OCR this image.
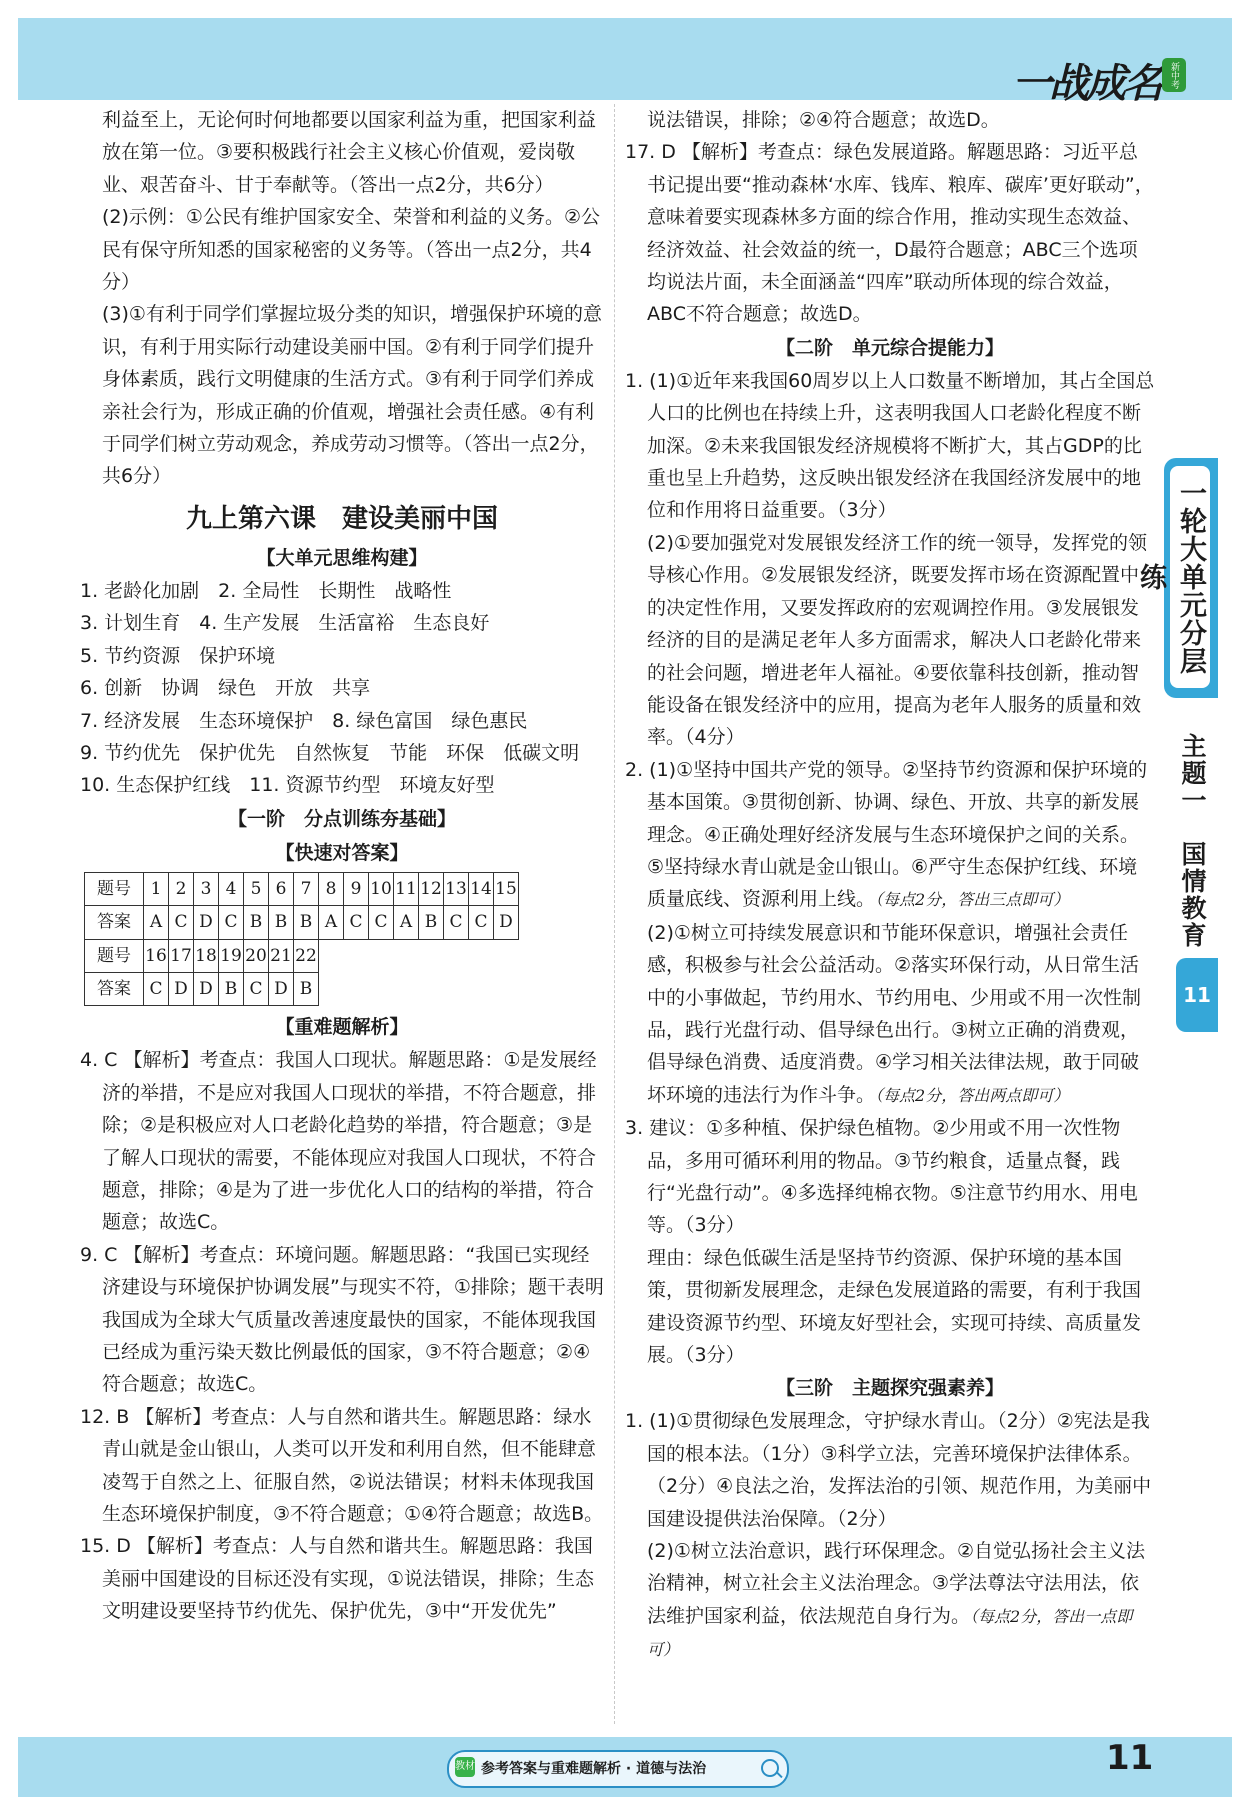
一战成名	新中考

利益至上，无论何时何地都要以国家利益为重，把国家利益放在第一位。③要积极践行社会主义核心价值观，爱岗敬业、艰苦奋斗、甘于奉献等。（答出一点2分，共6分）

(2)示例：①公民有维护国家安全、荣誉和利益的义务。②公民有保守所知悉的国家秘密的义务等。（答出一点2分，共4分）

(3)①有利于同学们掌握垃圾分类的知识，增强保护环境的意识，有利于用实际行动建设美丽中国。②有利于同学们提升身体素质，践行文明健康的生活方式。③有利于同学们养成亲社会行为，形成正确的价值观，增强社会责任感。④有利于同学们树立劳动观念，养成劳动习惯等。（答出一点2分，共6分）

九上第六课　建设美丽中国
【大单元思维构建】

1. 老龄化加剧　2. 全局性　长期性　战略性

3. 计划生育　4. 生产发展　生活富裕　生态良好

5. 节约资源　保护环境

6. 创新　协调　绿色　开放　共享

7. 经济发展　生态环境保护　8. 绿色富国　绿色惠民

9. 节约优先　保护优先　自然恢复　节能　环保　低碳文明

10. 生态保护红线　11. 资源节约型　环境友好型

【一阶　分点训练夯基础】
【快速对答案】
题号	1	2	3	4	5	6	7	8	9	10	11	12	13	14	15
答案	A	C	D	C	B	B	B	A	C	C	A	B	C	C	D
题号	16	17	18	19	20	21	22								
答案	C	D	D	B	C	D	B								
【重难题解析】

4. C 【解析】考查点：我国人口现状。解题思路：①是发展经济的举措，不是应对我国人口现状的举措，不符合题意，排除；②是积极应对人口老龄化趋势的举措，符合题意；③是了解人口现状的需要，不能体现应对我国人口现状，不符合题意，排除；④是为了进一步优化人口的结构的举措，符合题意；故选C。

9. C 【解析】考查点：环境问题。解题思路：“我国已实现经济建设与环境保护协调发展”与现实不符，①排除；题干表明我国成为全球大气质量改善速度最快的国家，不能体现我国已经成为重污染天数比例最低的国家，③不符合题意；②④符合题意；故选C。

12. B 【解析】考查点：人与自然和谐共生。解题思路：绿水青山就是金山银山，人类可以开发和利用自然，但不能肆意凌驾于自然之上、征服自然，②说法错误；材料未体现我国生态环境保护制度，③不符合题意；①④符合题意；故选B。

15. D 【解析】考查点：人与自然和谐共生。解题思路：我国美丽中国建设的目标还没有实现，①说法错误，排除；生态文明建设要坚持节约优先、保护优先，③中“开发优先”

说法错误，排除；②④符合题意；故选D。

17. D 【解析】考查点：绿色发展道路。解题思路：习近平总书记提出要“推动森林‘水库、钱库、粮库、碳库’更好联动”，意味着要实现森林多方面的综合作用，推动实现生态效益、经济效益、社会效益的统一，D最符合题意；ABC三个选项均说法片面，未全面涵盖“四库”联动所体现的综合效益，ABC不符合题意；故选D。

【二阶　单元综合提能力】

1. (1)①近年来我国60周岁以上人口数量不断增加，其占全国总人口的比例也在持续上升，这表明我国人口老龄化程度不断加深。②未来我国银发经济规模将不断扩大，其占GDP的比重也呈上升趋势，这反映出银发经济在我国经济发展中的地位和作用将日益重要。（3分）

(2)①要加强党对发展银发经济工作的统一领导，发挥党的领导核心作用。②发展银发经济，既要发挥市场在资源配置中的决定性作用，又要发挥政府的宏观调控作用。③发展银发经济的目的是满足老年人多方面需求，解决人口老龄化带来的社会问题，增进老年人福祉。④要依靠科技创新，推动智能设备在银发经济中的应用，提高为老年人服务的质量和效率。（4分）

2. (1)①坚持中国共产党的领导。②坚持节约资源和保护环境的基本国策。③贯彻创新、协调、绿色、开放、共享的新发展理念。④正确处理好经济发展与生态环境保护之间的关系。⑤坚持绿水青山就是金山银山。⑥严守生态保护红线、环境质量底线、资源利用上线。（每点2分，答出三点即可）

(2)①树立可持续发展意识和节能环保意识，增强社会责任感，积极参与社会公益活动。②落实环保行动，从日常生活中的小事做起，节约用水、节约用电、少用或不用一次性制品，践行光盘行动、倡导绿色出行。③树立正确的消费观，倡导绿色消费、适度消费。④学习相关法律法规，敢于同破坏环境的违法行为作斗争。（每点2分，答出两点即可）

3. 建议：①多种植、保护绿色植物。②少用或不用一次性物品，多用可循环利用的物品。③节约粮食，适量点餐，践行“光盘行动”。④多选择纯棉衣物。⑤注意节约用水、用电等。（3分）

理由：绿色低碳生活是坚持节约资源、保护环境的基本国策，贯彻新发展理念，走绿色发展道路的需要，有利于我国建设资源节约型、环境友好型社会，实现可持续、高质量发展。（3分）

【三阶　主题探究强素养】

1. (1)①贯彻绿色发展理念，守护绿水青山。（2分）②宪法是我国的根本法。（1分）③科学立法，完善环境保护法律体系。（2分）④良法之治，发挥法治的引领、规范作用，为美丽中国建设提供法治保障。（2分）

(2)①树立法治意识，践行环保理念。②自觉弘扬社会主义法治精神，树立社会主义法治理念。③学法尊法守法用法，依法维护国家利益，依法规范自身行为。（每点2分，答出一点即可）

一轮大单元分层练
主题一　国情教育
11
教材 参考答案与重难题解析 · 道德与法治	11
